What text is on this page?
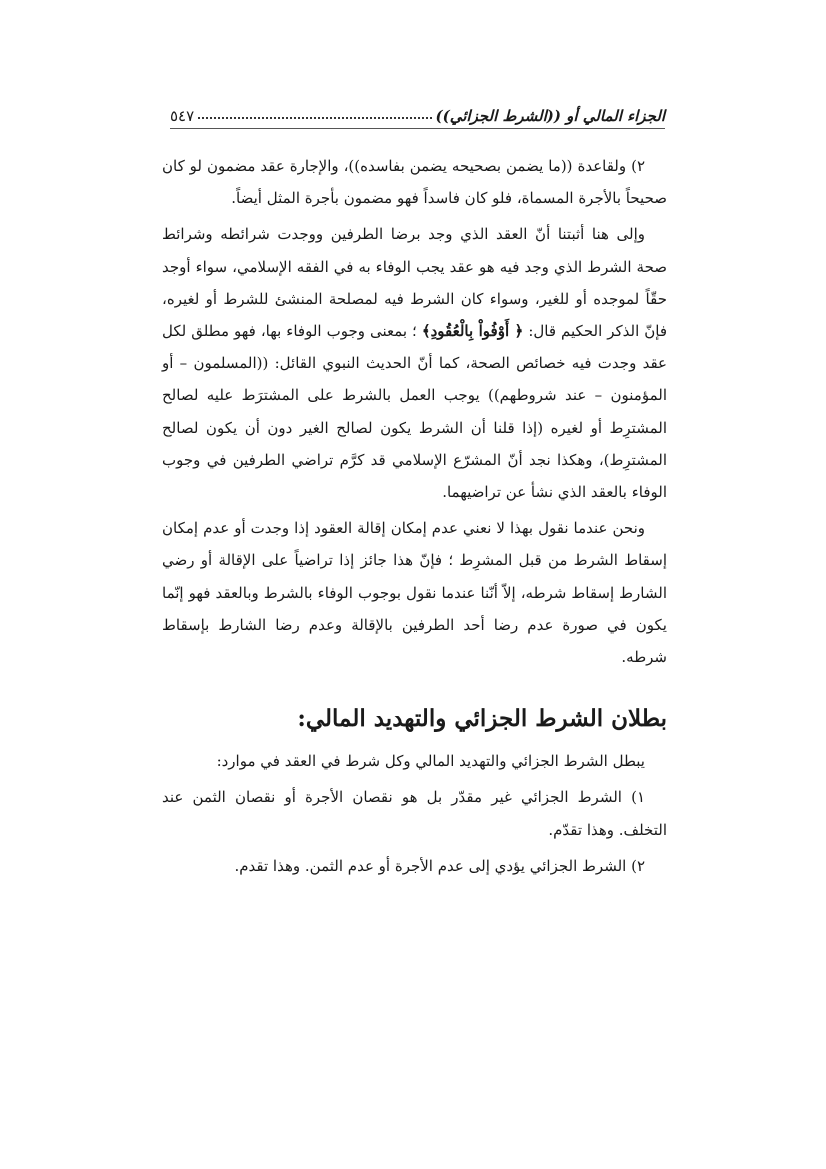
الجزاء المالي أو ((الشرط الجزائي))
٥٤٧

٢) ولقاعدة ((ما يضمن بصحيحه يضمن بفاسده))، والإجارة عقد مضمون لو كان صحيحاً بالأجرة المسماة، فلو كان فاسداً فهو مضمون بأجرة المثل أيضاً.

وإلى هنا أثبتنا أنّ العقد الذي وجد برضا الطرفين ووجدت شرائطه وشرائط صحة الشرط الذي وجد فيه هو عقد يجب الوفاء به في الفقه الإسلامي، سواء أوجد حقّاً لموجده أو للغير، وسواء كان الشرط فيه لمصلحة المنشئ للشرط أو لغيره، فإنّ الذكر الحكيم قال: ﴿ أَوْفُواْ بِالْعُقُودِ﴾ ؛ بمعنى وجوب الوفاء بها، فهو مطلق لكل عقد وجدت فيه خصائص الصحة، كما أنّ الحديث النبوي القائل: ((المسلمون – أو المؤمنون – عند شروطهم)) يوجب العمل بالشرط على المشترَط عليه لصالح المشترِط أو لغيره (إذا قلنا أن الشرط يكون لصالح الغير دون أن يكون لصالح المشترِط)، وهكذا نجد أنّ المشرّع الإسلامي قد كرَّم تراضي الطرفين في وجوب الوفاء بالعقد الذي نشأ عن تراضيهما.

ونحن عندما نقول بهذا لا نعني عدم إمكان إقالة العقود إذا وجدت أو عدم إمكان إسقاط الشرط من قبل المشرِط ؛ فإنّ هذا جائز إذا تراضياً على الإقالة أو رضي الشارط إسقاط شرطه، إلاّ أنّنا عندما نقول بوجوب الوفاء بالشرط وبالعقد فهو إنّما يكون في صورة عدم رضا أحد الطرفين بالإقالة وعدم رضا الشارط بإسقاط شرطه.

بطلان الشرط الجزائي والتهديد المالي:

يبطل الشرط الجزائي والتهديد المالي وكل شرط في العقد في موارد:

١) الشرط الجزائي غير مقدّر بل هو نقصان الأجرة أو نقصان الثمن عند التخلف. وهذا تقدّم.

٢) الشرط الجزائي يؤدي إلى عدم الأجرة أو عدم الثمن. وهذا تقدم.
